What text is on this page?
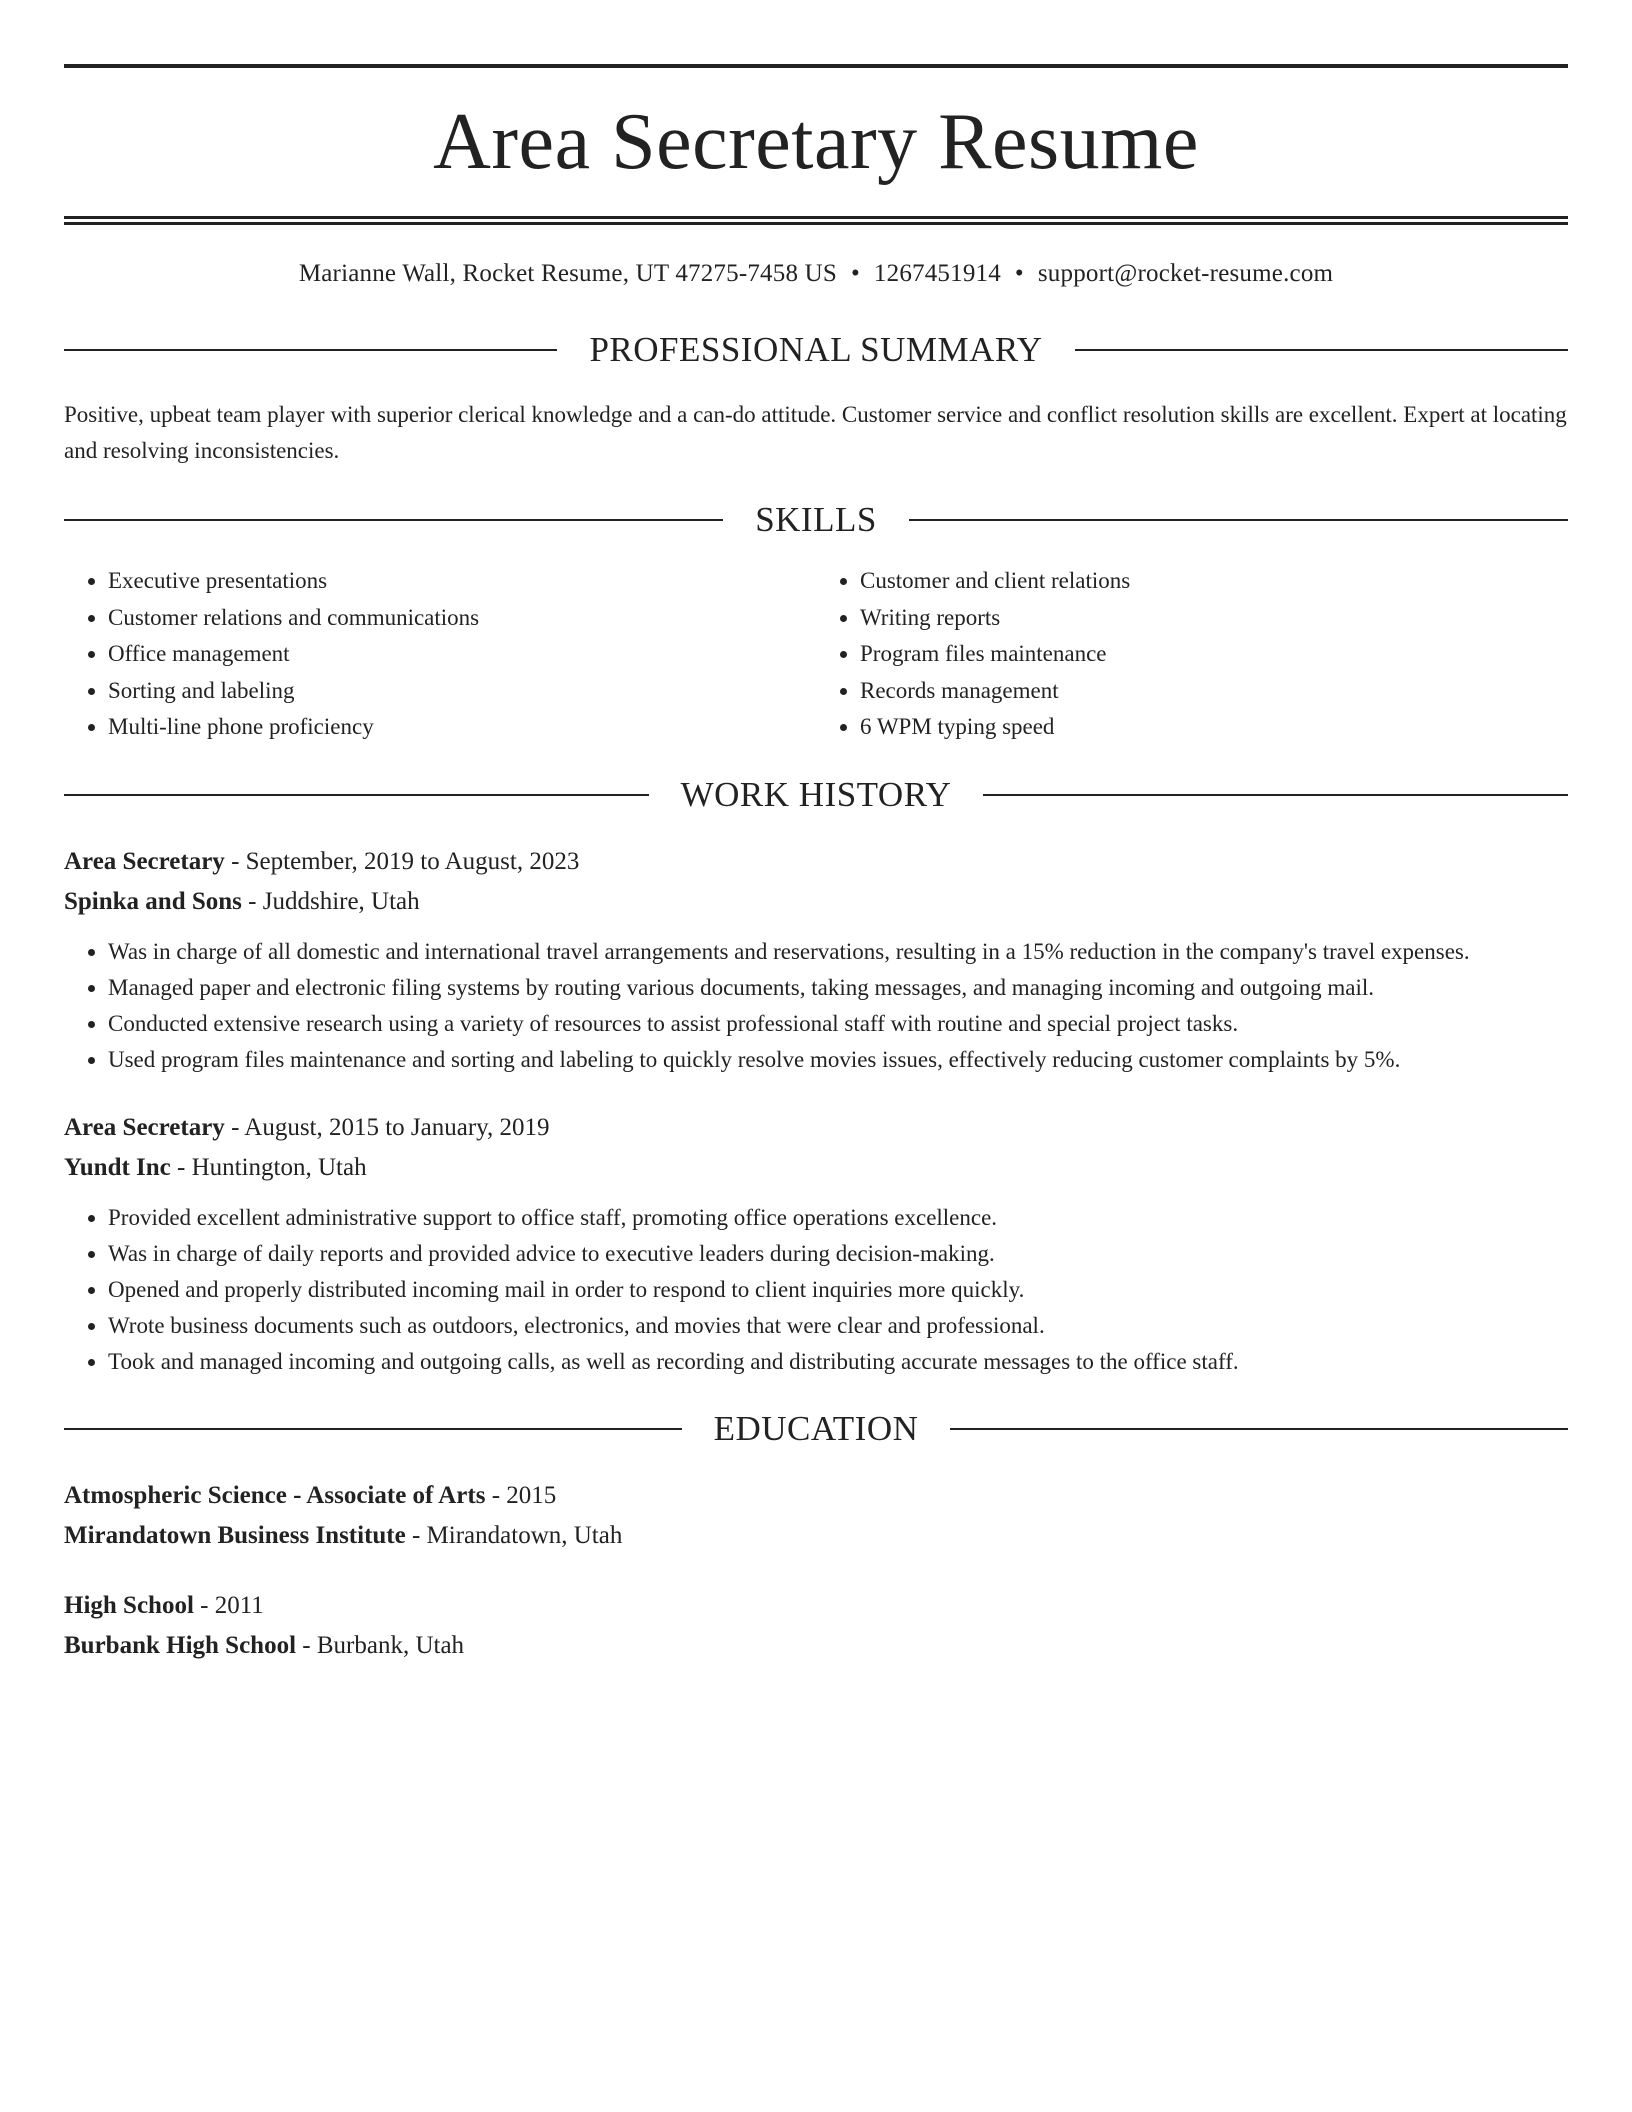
Area Secretary Resume
Marianne Wall, Rocket Resume, UT 47275-7458 US • 1267451914 • support@rocket-resume.com
PROFESSIONAL SUMMARY
Positive, upbeat team player with superior clerical knowledge and a can-do attitude. Customer service and conflict resolution skills are excellent. Expert at locating and resolving inconsistencies.
SKILLS
• Executive presentations
• Customer relations and communications
• Office management
• Sorting and labeling
• Multi-line phone proficiency
• Customer and client relations
• Writing reports
• Program files maintenance
• Records management
• 6 WPM typing speed
WORK HISTORY
Area Secretary - September, 2019 to August, 2023
Spinka and Sons - Juddshire, Utah
• Was in charge of all domestic and international travel arrangements and reservations, resulting in a 15% reduction in the company's travel expenses.
• Managed paper and electronic filing systems by routing various documents, taking messages, and managing incoming and outgoing mail.
• Conducted extensive research using a variety of resources to assist professional staff with routine and special project tasks.
• Used program files maintenance and sorting and labeling to quickly resolve movies issues, effectively reducing customer complaints by 5%.
Area Secretary - August, 2015 to January, 2019
Yundt Inc - Huntington, Utah
• Provided excellent administrative support to office staff, promoting office operations excellence.
• Was in charge of daily reports and provided advice to executive leaders during decision-making.
• Opened and properly distributed incoming mail in order to respond to client inquiries more quickly.
• Wrote business documents such as outdoors, electronics, and movies that were clear and professional.
• Took and managed incoming and outgoing calls, as well as recording and distributing accurate messages to the office staff.
EDUCATION
Atmospheric Science - Associate of Arts - 2015
Mirandatown Business Institute - Mirandatown, Utah
High School - 2011
Burbank High School - Burbank, Utah
